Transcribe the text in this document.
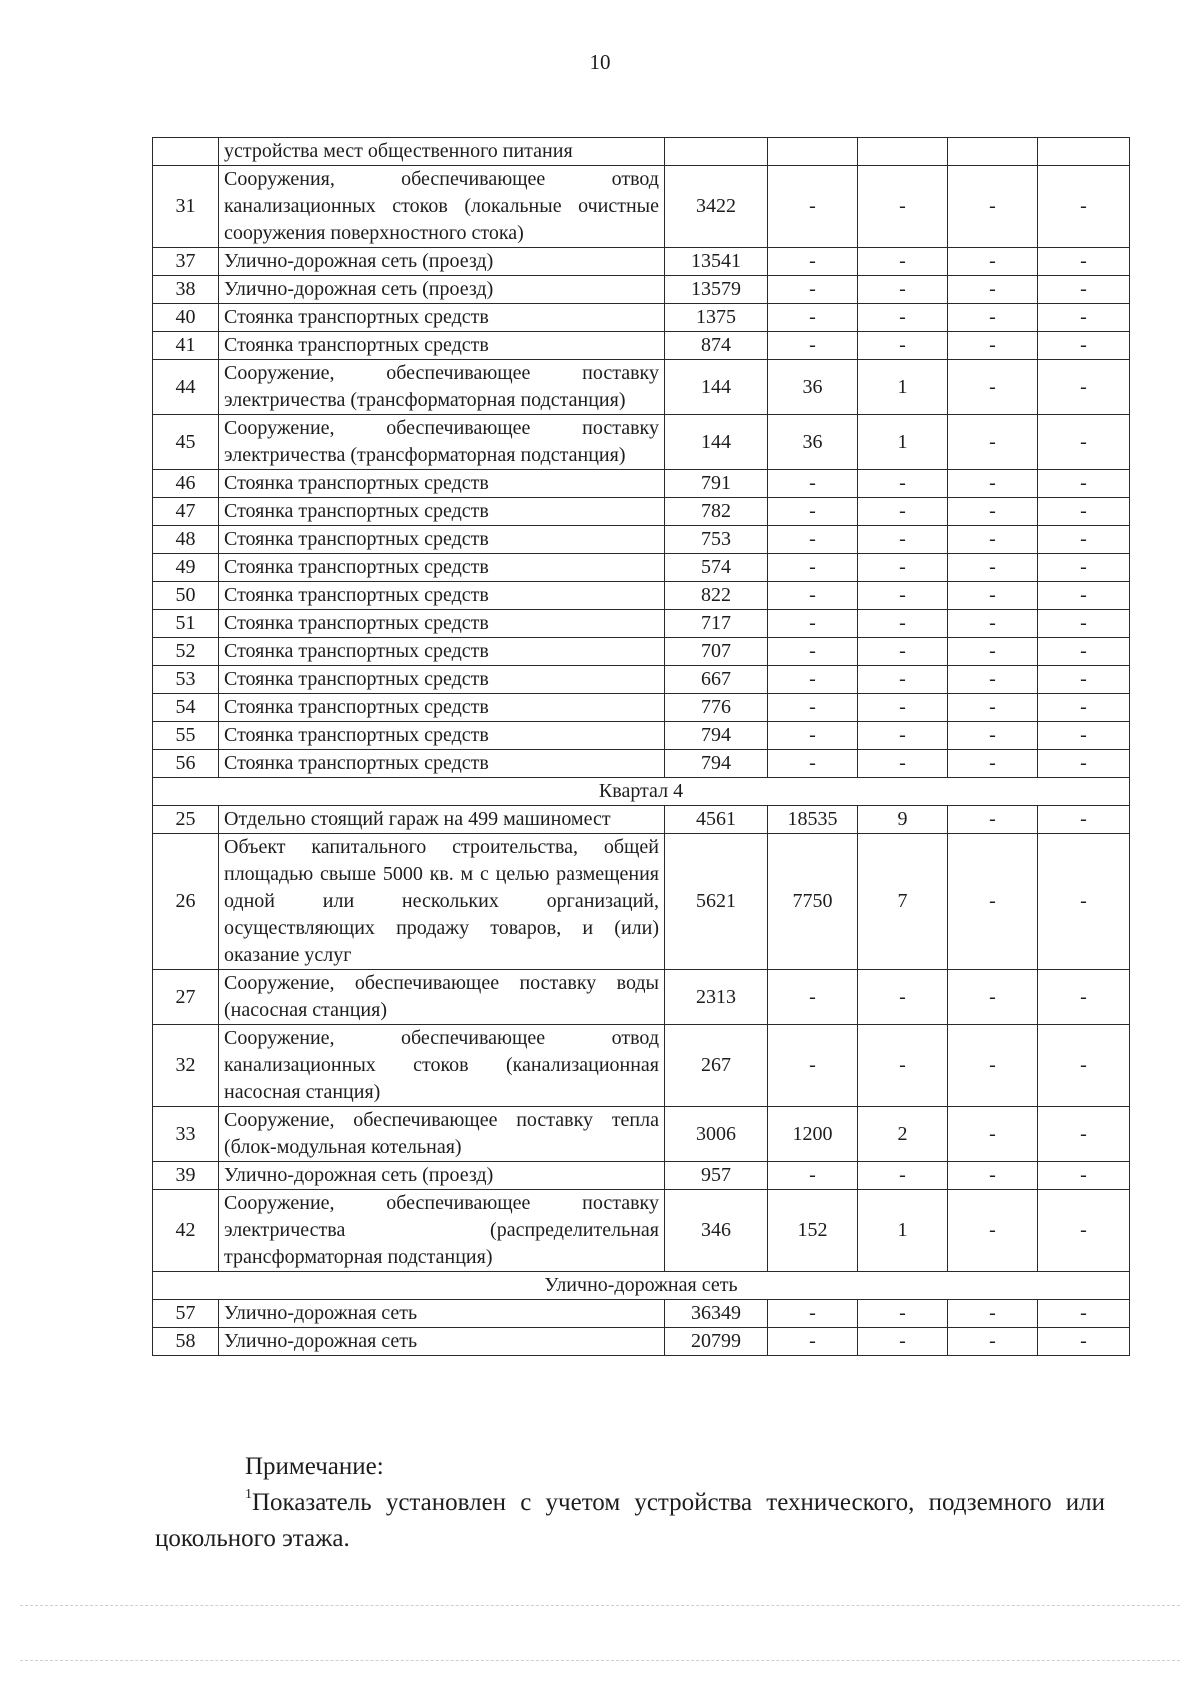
10
	устройства мест общественного питания					
31	Сооружения, обеспечивающее отвод канализационных стоков (локальные очистные сооружения поверхностного стока)	3422	-	-	-	-
37	Улично-дорожная сеть (проезд)	13541	-	-	-	-
38	Улично-дорожная сеть (проезд)	13579	-	-	-	-
40	Стоянка транспортных средств	1375	-	-	-	-
41	Стоянка транспортных средств	874	-	-	-	-
44	Сооружение, обеспечивающее поставку электричества (трансформаторная подстанция)	144	36	1	-	-
45	Сооружение, обеспечивающее поставку электричества (трансформаторная подстанция)	144	36	1	-	-
46	Стоянка транспортных средств	791	-	-	-	-
47	Стоянка транспортных средств	782	-	-	-	-
48	Стоянка транспортных средств	753	-	-	-	-
49	Стоянка транспортных средств	574	-	-	-	-
50	Стоянка транспортных средств	822	-	-	-	-
51	Стоянка транспортных средств	717	-	-	-	-
52	Стоянка транспортных средств	707	-	-	-	-
53	Стоянка транспортных средств	667	-	-	-	-
54	Стоянка транспортных средств	776	-	-	-	-
55	Стоянка транспортных средств	794	-	-	-	-
56	Стоянка транспортных средств	794	-	-	-	-
Квартал 4						
25	Отдельно стоящий гараж на 499 машиномест	4561	18535	9	-	-
26	Объект капитального строительства, общей площадью свыше 5000 кв. м с целью размещения одной или нескольких организаций, осуществляющих продажу товаров, и (или) оказание услуг	5621	7750	7	-	-
27	Сооружение, обеспечивающее поставку воды (насосная станция)	2313	-	-	-	-
32	Сооружение, обеспечивающее отвод канализационных стоков (канализационная насосная станция)	267	-	-	-	-
33	Сооружение, обеспечивающее поставку тепла (блок-модульная котельная)	3006	1200	2	-	-
39	Улично-дорожная сеть (проезд)	957	-	-	-	-
42	Сооружение, обеспечивающее поставку электричества (распределительная трансформаторная подстанция)	346	152	1	-	-
Улично-дорожная сеть						
57	Улично-дорожная сеть	36349	-	-	-	-
58	Улично-дорожная сеть	20799	-	-	-	-
Примечание:
$^1$Показатель установлен с учетом устройства технического, подземного или цокольного этажа.
